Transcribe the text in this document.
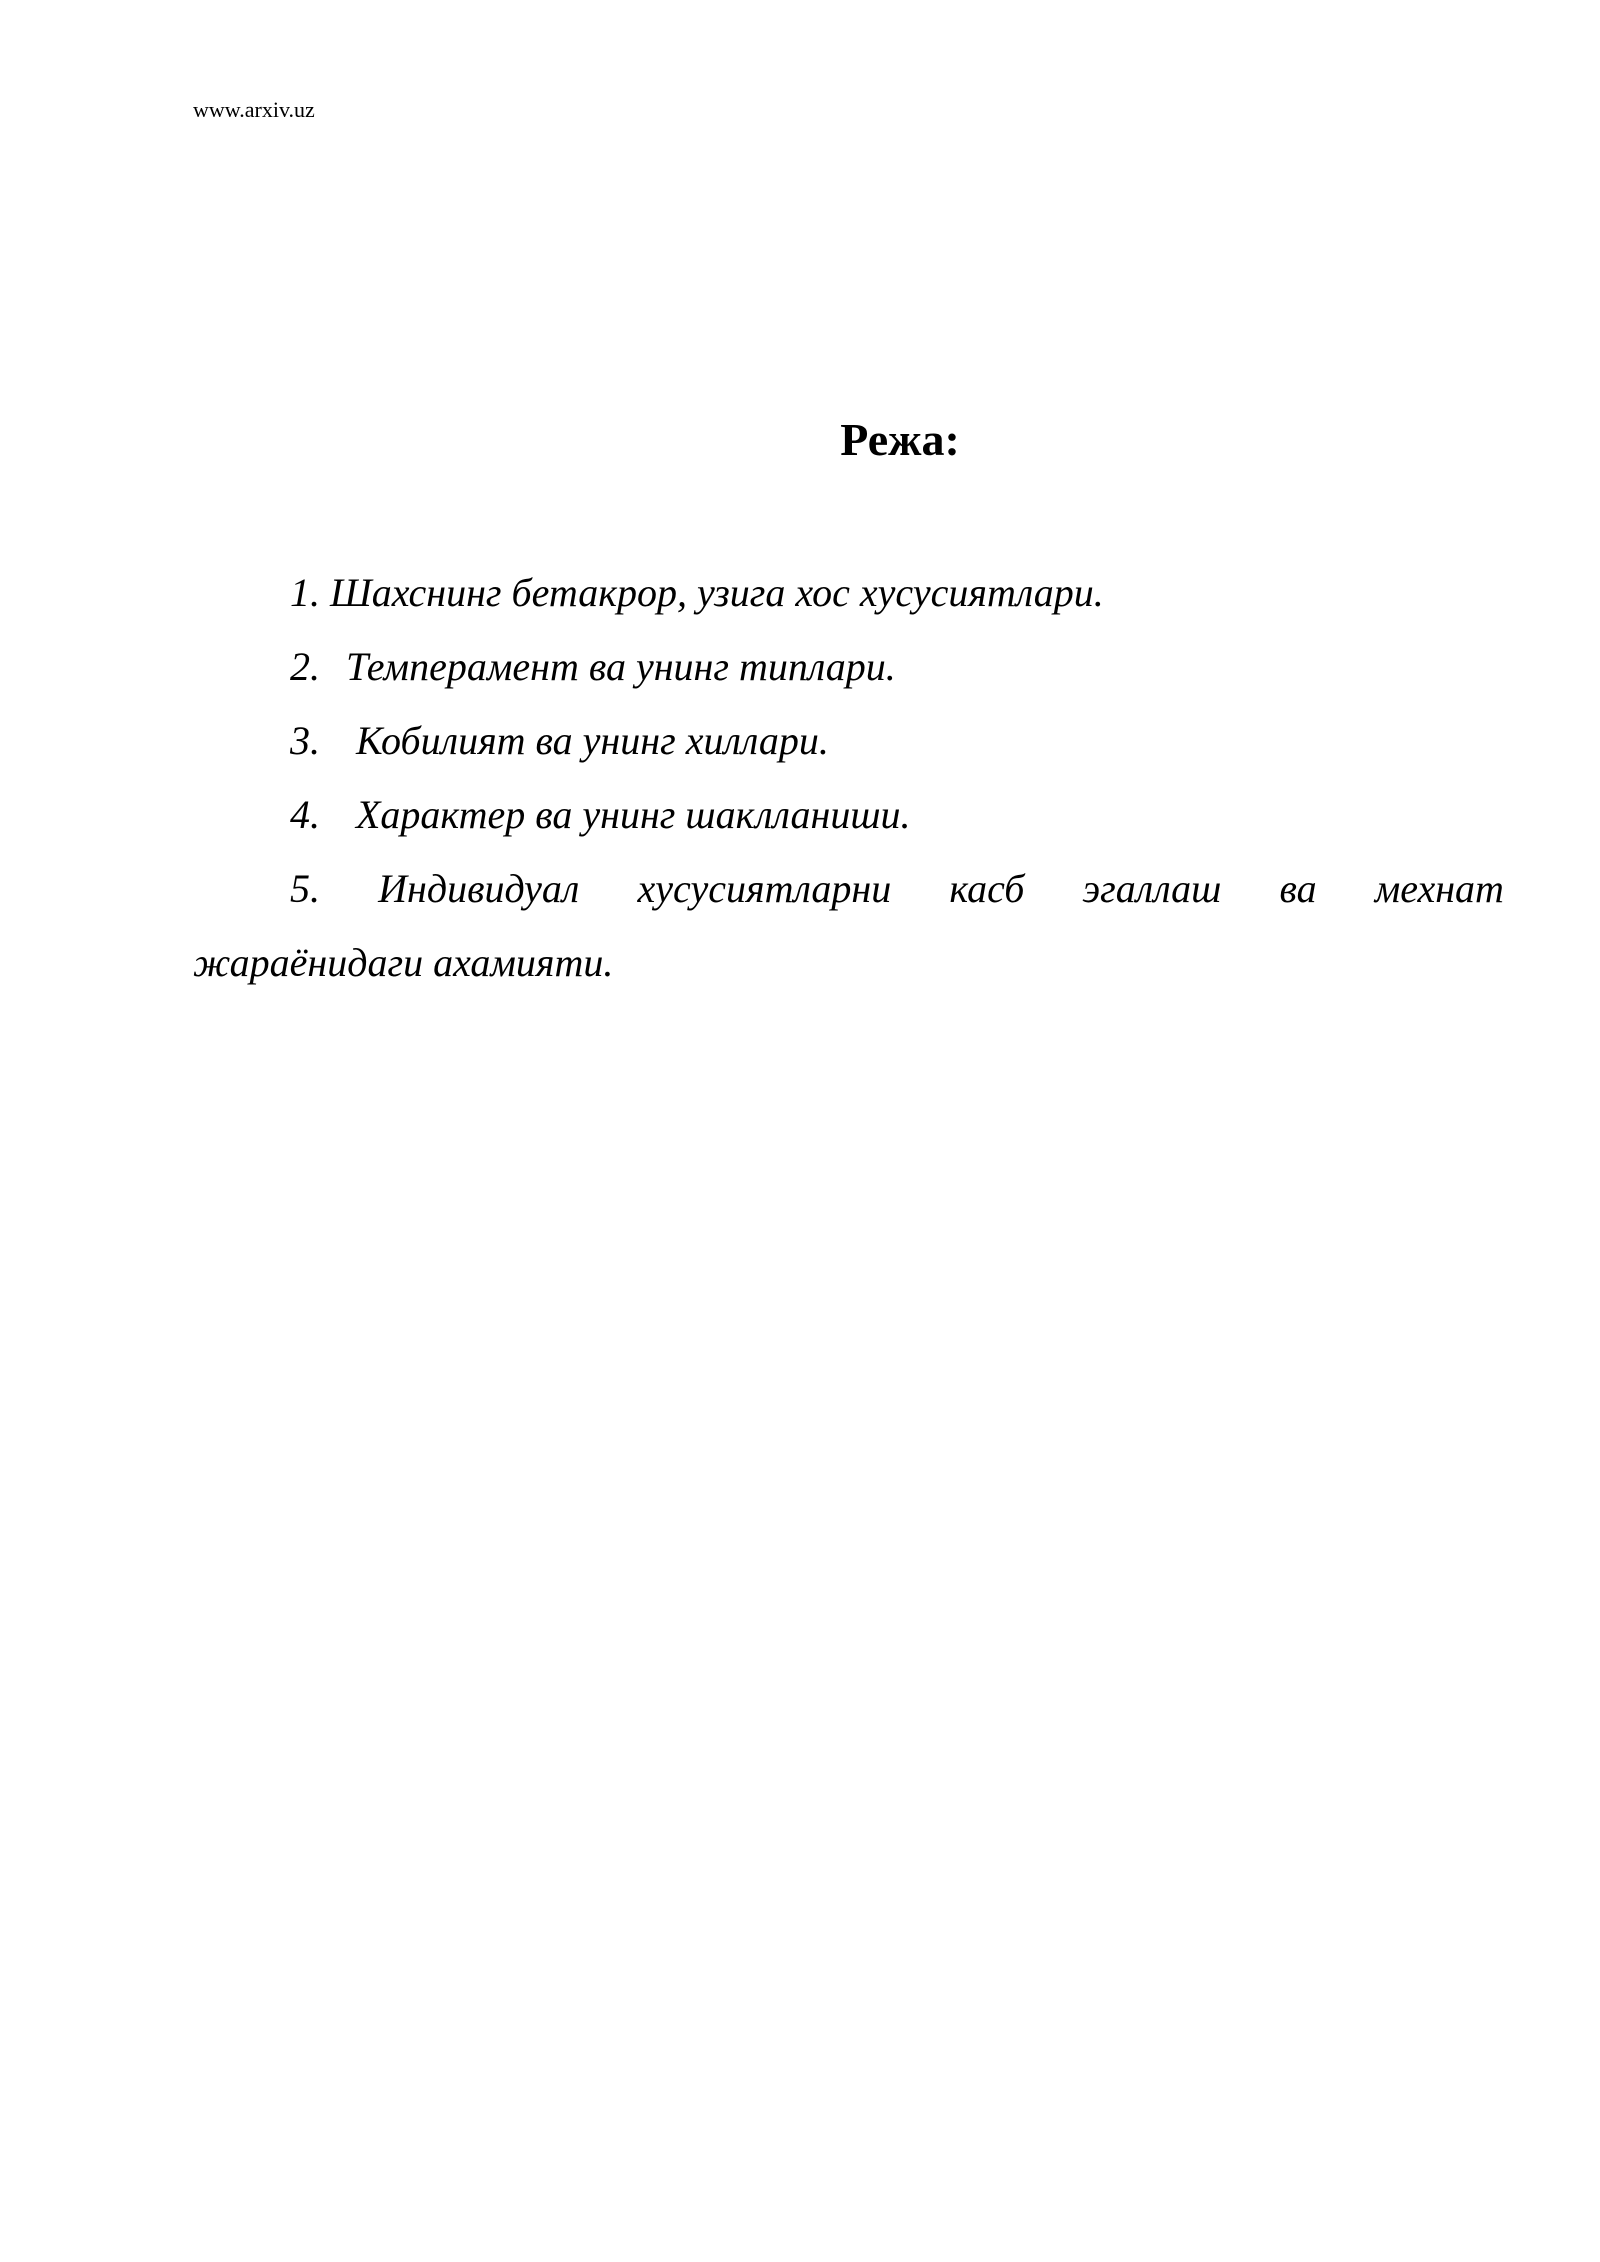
www.arxiv.uz
Режа:
1. Шахснинг бетакрор, узига хос хусусиятлари.
2. Темперамент ва унинг типлари.
3. Кобилият ва унинг хиллари.
4. Характер ва унинг шаклланиши.
5. Индивидуал хусусиятларни касб эгаллаш ва мехнат
жараёнидаги ахамияти.
